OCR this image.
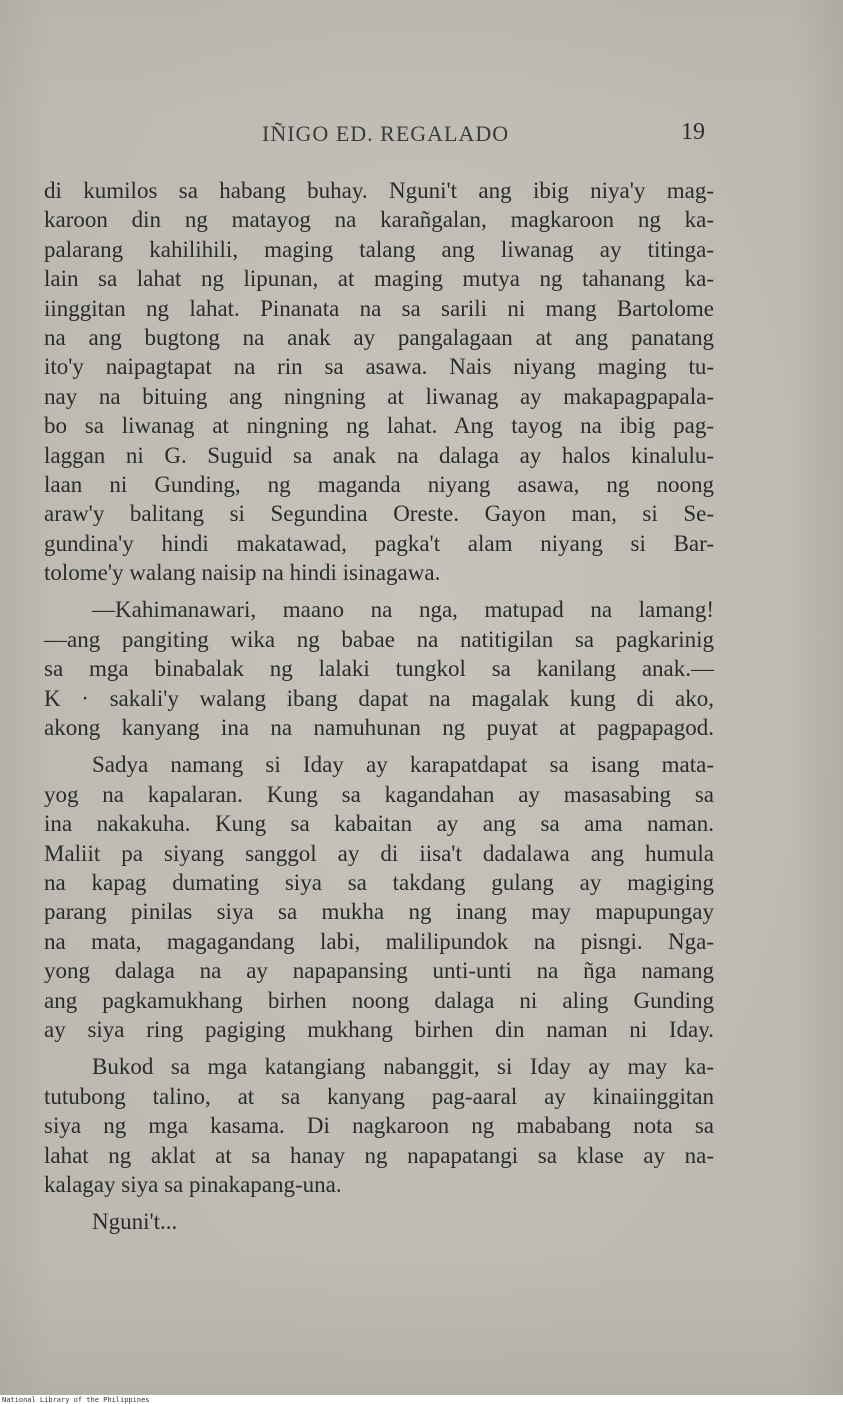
IÑIGO ED. REGALADO	19
di kumilos sa habang buhay. Nguni't ang ibig niya'y mag-
karoon din ng matayog na karañgalan, magkaroon ng ka-
palarang kahilihili, maging talang ang liwanag ay titinga-
lain sa lahat ng lipunan, at maging mutya ng tahanang ka-
iinggitan ng lahat. Pinanata na sa sarili ni mang Bartolome
na ang bugtong na anak ay pangalagaan at ang panatang
ito'y naipagtapat na rin sa asawa. Nais niyang maging tu-
nay na bituing ang ningning at liwanag ay makapagpapala-
bo sa liwanag at ningning ng lahat. Ang tayog na ibig pag-
laggan ni G. Suguid sa anak na dalaga ay halos kinalulu-
laan ni Gunding, ng maganda niyang asawa, ng noong
araw'y balitang si Segundina Oreste. Gayon man, si Se-
gundina'y hindi makatawad, pagka't alam niyang si Bar-
tolome'y walang naisip na hindi isinagawa.
—Kahimanawari, maano na nga, matupad na lamang!
—ang pangiting wika ng babae na natitigilan sa pagkarinig
sa mga binabalak ng lalaki tungkol sa kanilang anak.—
K · sakali'y walang ibang dapat na magalak kung di ako,
akong kanyang ina na namuhunan ng puyat at pagpapagod.
Sadya namang si Iday ay karapatdapat sa isang mata-
yog na kapalaran. Kung sa kagandahan ay masasabing sa
ina nakakuha. Kung sa kabaitan ay ang sa ama naman.
Maliit pa siyang sanggol ay di iisa't dadalawa ang humula
na kapag dumating siya sa takdang gulang ay magiging
parang pinilas siya sa mukha ng inang may mapupungay
na mata, magagandang labi, malilipundok na pisngi. Nga-
yong dalaga na ay napapansing unti-unti na ñga namang
ang pagkamukhang birhen noong dalaga ni aling Gunding
ay siya ring pagiging mukhang birhen din naman ni Iday.
Bukod sa mga katangiang nabanggit, si Iday ay may ka-
tutubong talino, at sa kanyang pag-aaral ay kinaiinggitan
siya ng mga kasama. Di nagkaroon ng mababang nota sa
lahat ng aklat at sa hanay ng napapatangi sa klase ay na-
kalagay siya sa pinakapang-una.
Nguni't...
National Library of the Philippines
